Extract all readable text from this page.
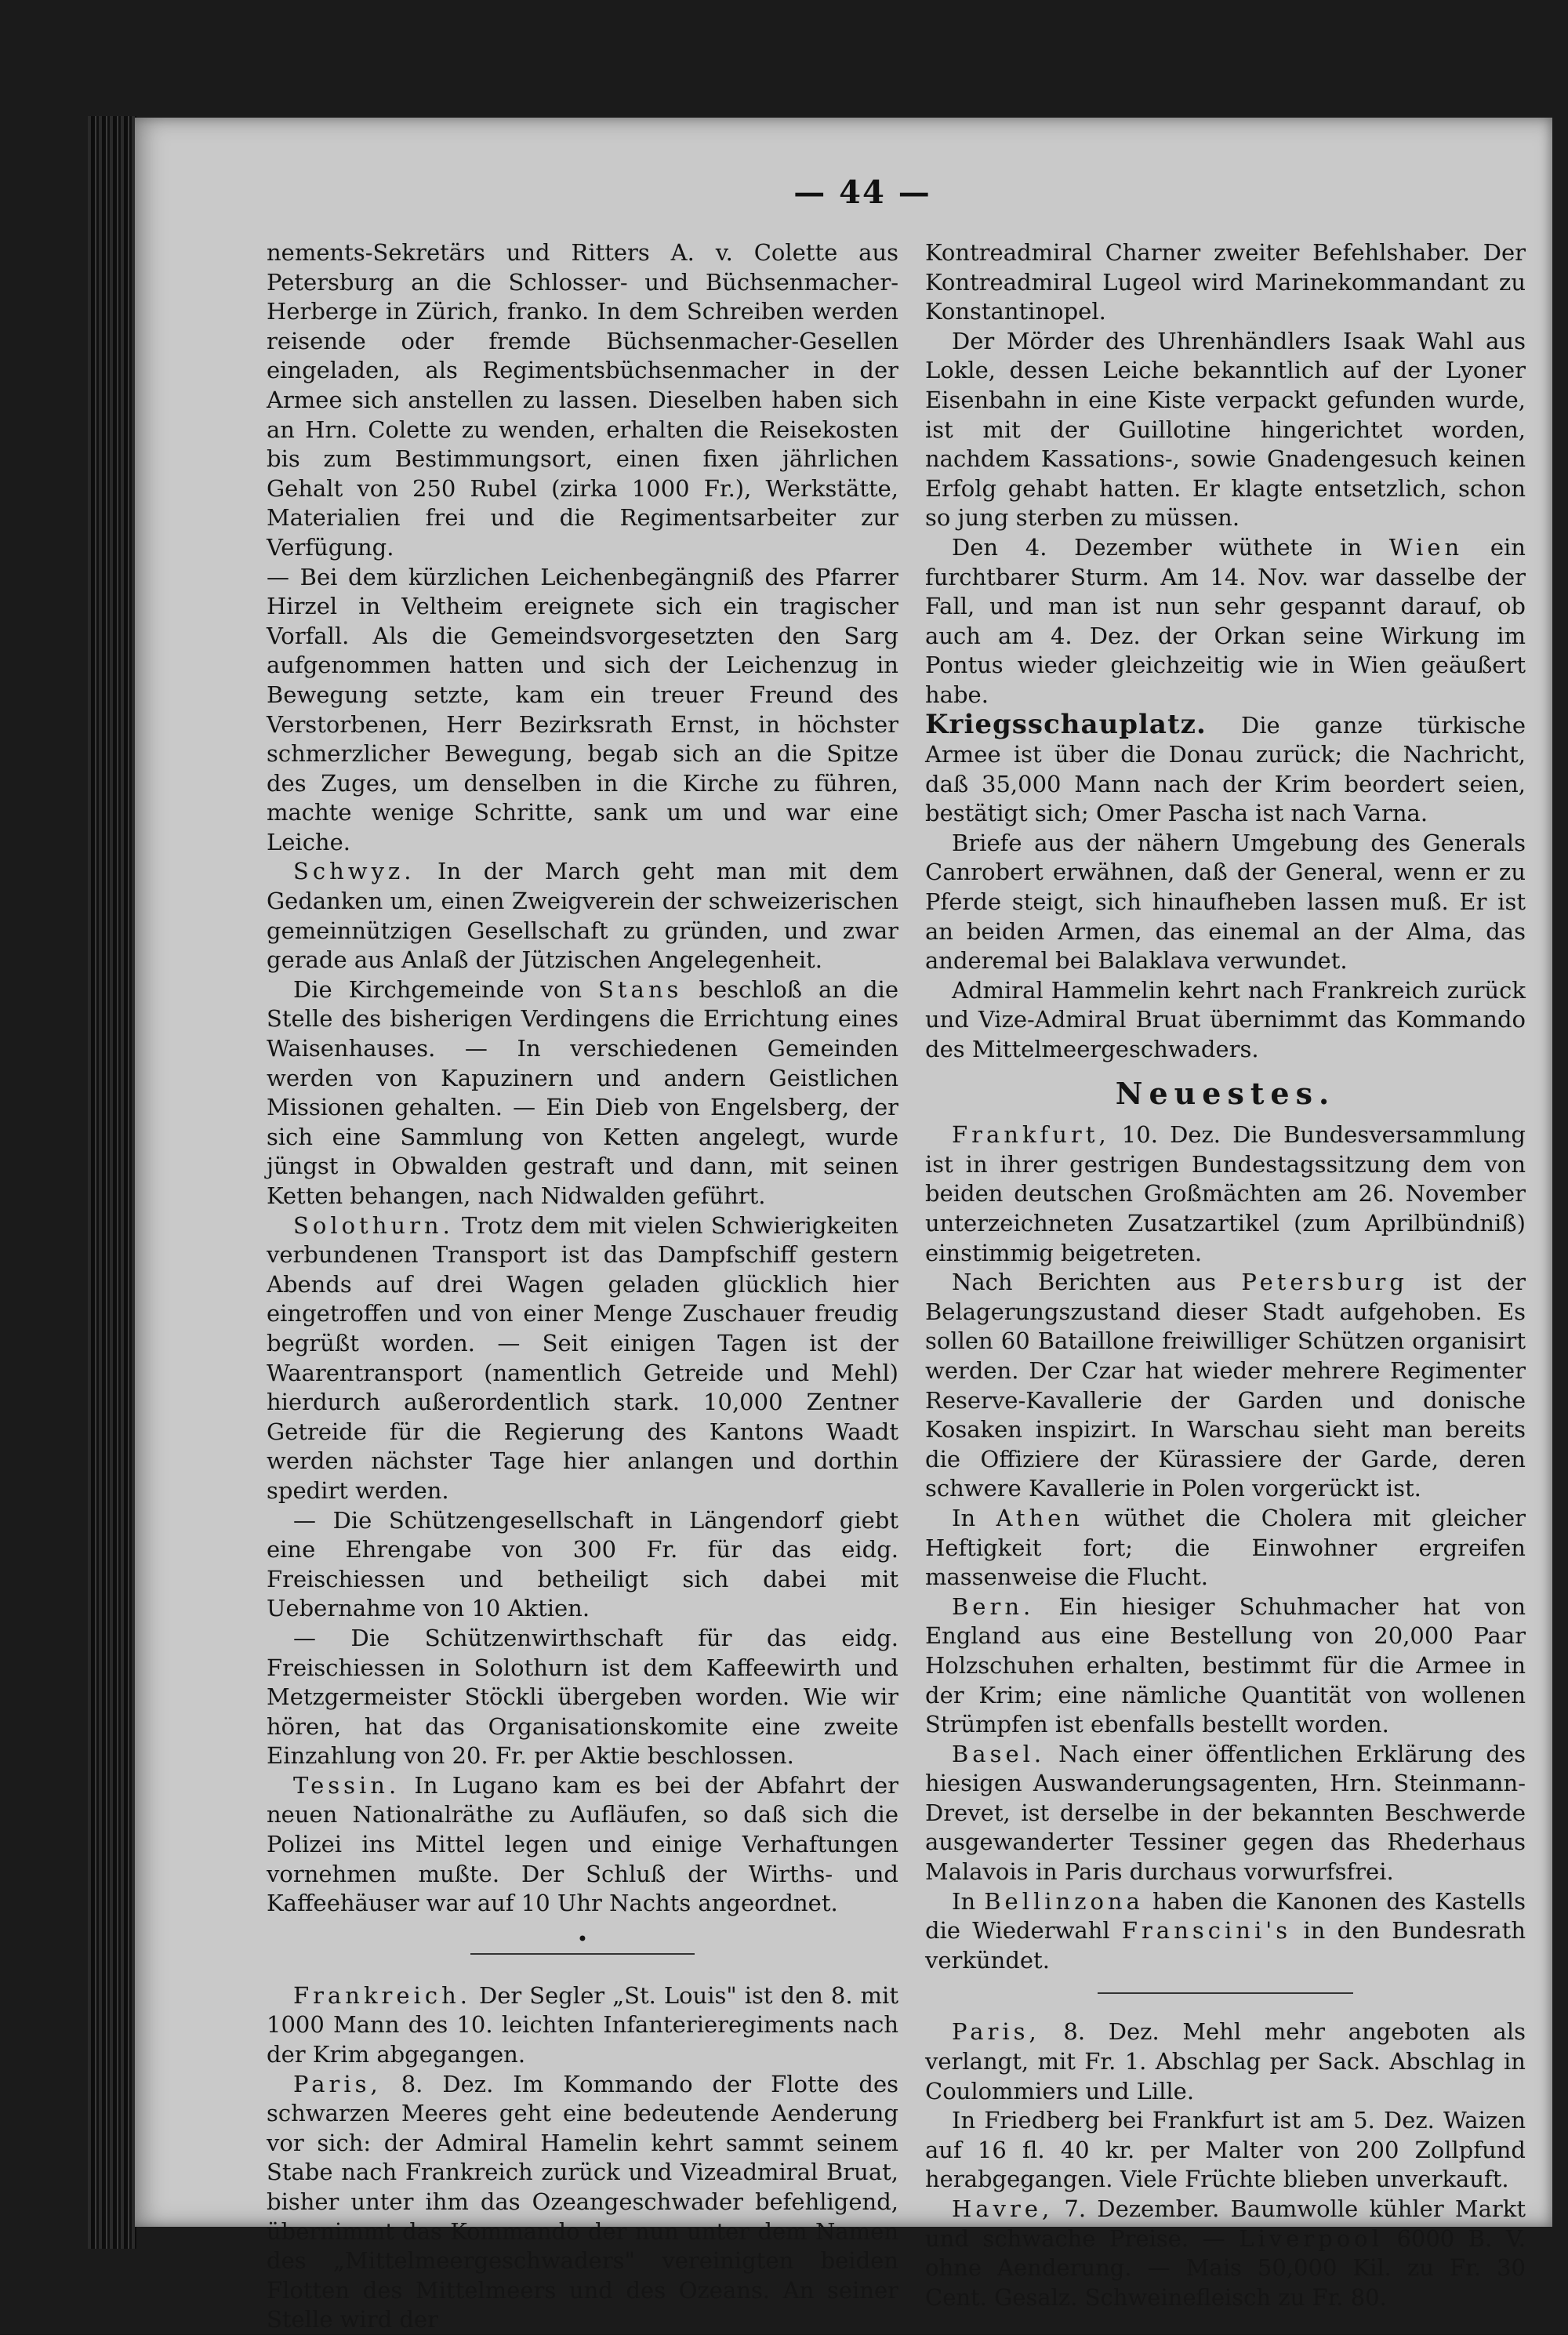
— 44 —

nements-Sekretärs und Ritters A. v. Colette aus Petersburg an die Schlosser- und Büchsenmacher-Herberge in Zürich, franko. In dem Schreiben werden reisende oder fremde Büchsenmacher-Gesellen eingeladen, als Regimentsbüchsenmacher in der Armee sich anstellen zu lassen. Dieselben haben sich an Hrn. Colette zu wenden, erhalten die Reisekosten bis zum Bestimmungsort, einen fixen jährlichen Gehalt von 250 Rubel (zirka 1000 Fr.), Werkstätte, Materialien frei und die Regimentsarbeiter zur Verfügung.

— Bei dem kürzlichen Leichenbegängniß des Pfarrer Hirzel in Veltheim ereignete sich ein tragischer Vorfall. Als die Gemeindsvorgesetzten den Sarg aufgenommen hatten und sich der Leichenzug in Bewegung setzte, kam ein treuer Freund des Verstorbenen, Herr Bezirksrath Ernst, in höchster schmerzlicher Bewegung, begab sich an die Spitze des Zuges, um denselben in die Kirche zu führen, machte wenige Schritte, sank um und war eine Leiche.

Schwyz. In der March geht man mit dem Gedanken um, einen Zweigverein der schweizerischen gemeinnützigen Gesellschaft zu gründen, und zwar gerade aus Anlaß der Jützischen Angelegenheit.

Die Kirchgemeinde von Stans beschloß an die Stelle des bisherigen Verdingens die Errichtung eines Waisenhauses. — In verschiedenen Gemeinden werden von Kapuzinern und andern Geistlichen Missionen gehalten. — Ein Dieb von Engelsberg, der sich eine Sammlung von Ketten angelegt, wurde jüngst in Obwalden gestraft und dann, mit seinen Ketten behangen, nach Nidwalden geführt.

Solothurn. Trotz dem mit vielen Schwierigkeiten verbundenen Transport ist das Dampfschiff gestern Abends auf drei Wagen geladen glücklich hier eingetroffen und von einer Menge Zuschauer freudig begrüßt worden. — Seit einigen Tagen ist der Waarentransport (namentlich Getreide und Mehl) hierdurch außerordentlich stark. 10,000 Zentner Getreide für die Regierung des Kantons Waadt werden nächster Tage hier anlangen und dorthin spedirt werden.

— Die Schützengesellschaft in Längendorf giebt eine Ehrengabe von 300 Fr. für das eidg. Freischiessen und betheiligt sich dabei mit Uebernahme von 10 Aktien.

— Die Schützenwirthschaft für das eidg. Freischiessen in Solothurn ist dem Kaffeewirth und Metzgermeister Stöckli übergeben worden. Wie wir hören, hat das Organisationskomite eine zweite Einzahlung von 20. Fr. per Aktie beschlossen.

Tessin. In Lugano kam es bei der Abfahrt der neuen Nationalräthe zu Aufläufen, so daß sich die Polizei ins Mittel legen und einige Verhaftungen vornehmen mußte. Der Schluß der Wirths- und Kaffeehäuser war auf 10 Uhr Nachts angeordnet.

•

Frankreich. Der Segler „St. Louis" ist den 8. mit 1000 Mann des 10. leichten Infanterieregiments nach der Krim abgegangen.

Paris, 8. Dez. Im Kommando der Flotte des schwarzen Meeres geht eine bedeutende Aenderung vor sich: der Admiral Hamelin kehrt sammt seinem Stabe nach Frankreich zurück und Vizeadmiral Bruat, bisher unter ihm das Ozeangeschwader befehligend, übernimmt das Kommando der nun unter dem Namen des „Mittelmeergeschwaders" vereinigten beiden Flotten des Mittelmeers und des Ozeans. An seiner Stelle wird der

Kontreadmiral Charner zweiter Befehlshaber. Der Kontreadmiral Lugeol wird Marinekommandant zu Konstantinopel.

Der Mörder des Uhrenhändlers Isaak Wahl aus Lokle, dessen Leiche bekanntlich auf der Lyoner Eisenbahn in eine Kiste verpackt gefunden wurde, ist mit der Guillotine hingerichtet worden, nachdem Kassations-, sowie Gnadengesuch keinen Erfolg gehabt hatten. Er klagte entsetzlich, schon so jung sterben zu müssen.

Den 4. Dezember wüthete in Wien ein furchtbarer Sturm. Am 14. Nov. war dasselbe der Fall, und man ist nun sehr gespannt darauf, ob auch am 4. Dez. der Orkan seine Wirkung im Pontus wieder gleichzeitig wie in Wien geäußert habe.

Kriegsschauplatz. Die ganze türkische Armee ist über die Donau zurück; die Nachricht, daß 35,000 Mann nach der Krim beordert seien, bestätigt sich; Omer Pascha ist nach Varna.

Briefe aus der nähern Umgebung des Generals Canrobert erwähnen, daß der General, wenn er zu Pferde steigt, sich hinaufheben lassen muß. Er ist an beiden Armen, das einemal an der Alma, das anderemal bei Balaklava verwundet.

Admiral Hammelin kehrt nach Frankreich zurück und Vize-Admiral Bruat übernimmt das Kommando des Mittelmeergeschwaders.

Neuestes.

Frankfurt, 10. Dez. Die Bundesversammlung ist in ihrer gestrigen Bundestagssitzung dem von beiden deutschen Großmächten am 26. November unterzeichneten Zusatzartikel (zum Aprilbündniß) einstimmig beigetreten.

Nach Berichten aus Petersburg ist der Belagerungszustand dieser Stadt aufgehoben. Es sollen 60 Bataillone freiwilliger Schützen organisirt werden. Der Czar hat wieder mehrere Regimenter Reserve-Kavallerie der Garden und donische Kosaken inspizirt. In Warschau sieht man bereits die Offiziere der Kürassiere der Garde, deren schwere Kavallerie in Polen vorgerückt ist.

In Athen wüthet die Cholera mit gleicher Heftigkeit fort; die Einwohner ergreifen massenweise die Flucht.

Bern. Ein hiesiger Schuhmacher hat von England aus eine Bestellung von 20,000 Paar Holzschuhen erhalten, bestimmt für die Armee in der Krim; eine nämliche Quantität von wollenen Strümpfen ist ebenfalls bestellt worden.

Basel. Nach einer öffentlichen Erklärung des hiesigen Auswanderungsagenten, Hrn. Steinmann-Drevet, ist derselbe in der bekannten Beschwerde ausgewanderter Tessiner gegen das Rhederhaus Malavois in Paris durchaus vorwurfsfrei.

In Bellinzona haben die Kanonen des Kastells die Wiederwahl Franscini's in den Bundesrath verkündet.

Paris, 8. Dez. Mehl mehr angeboten als verlangt, mit Fr. 1. Abschlag per Sack. Abschlag in Coulommiers und Lille.

In Friedberg bei Frankfurt ist am 5. Dez. Waizen auf 16 fl. 40 kr. per Malter von 200 Zollpfund herabgegangen. Viele Früchte blieben unverkauft.

Havre, 7. Dezember. Baumwolle kühler Markt und schwache Preise. — Liverpool 6000 B. V. ohne Aenderung. — Mais 50,000 Kil. zu Fr. 30 Cent. Gesalz. Schweinefleisch zu Fr. 80.
